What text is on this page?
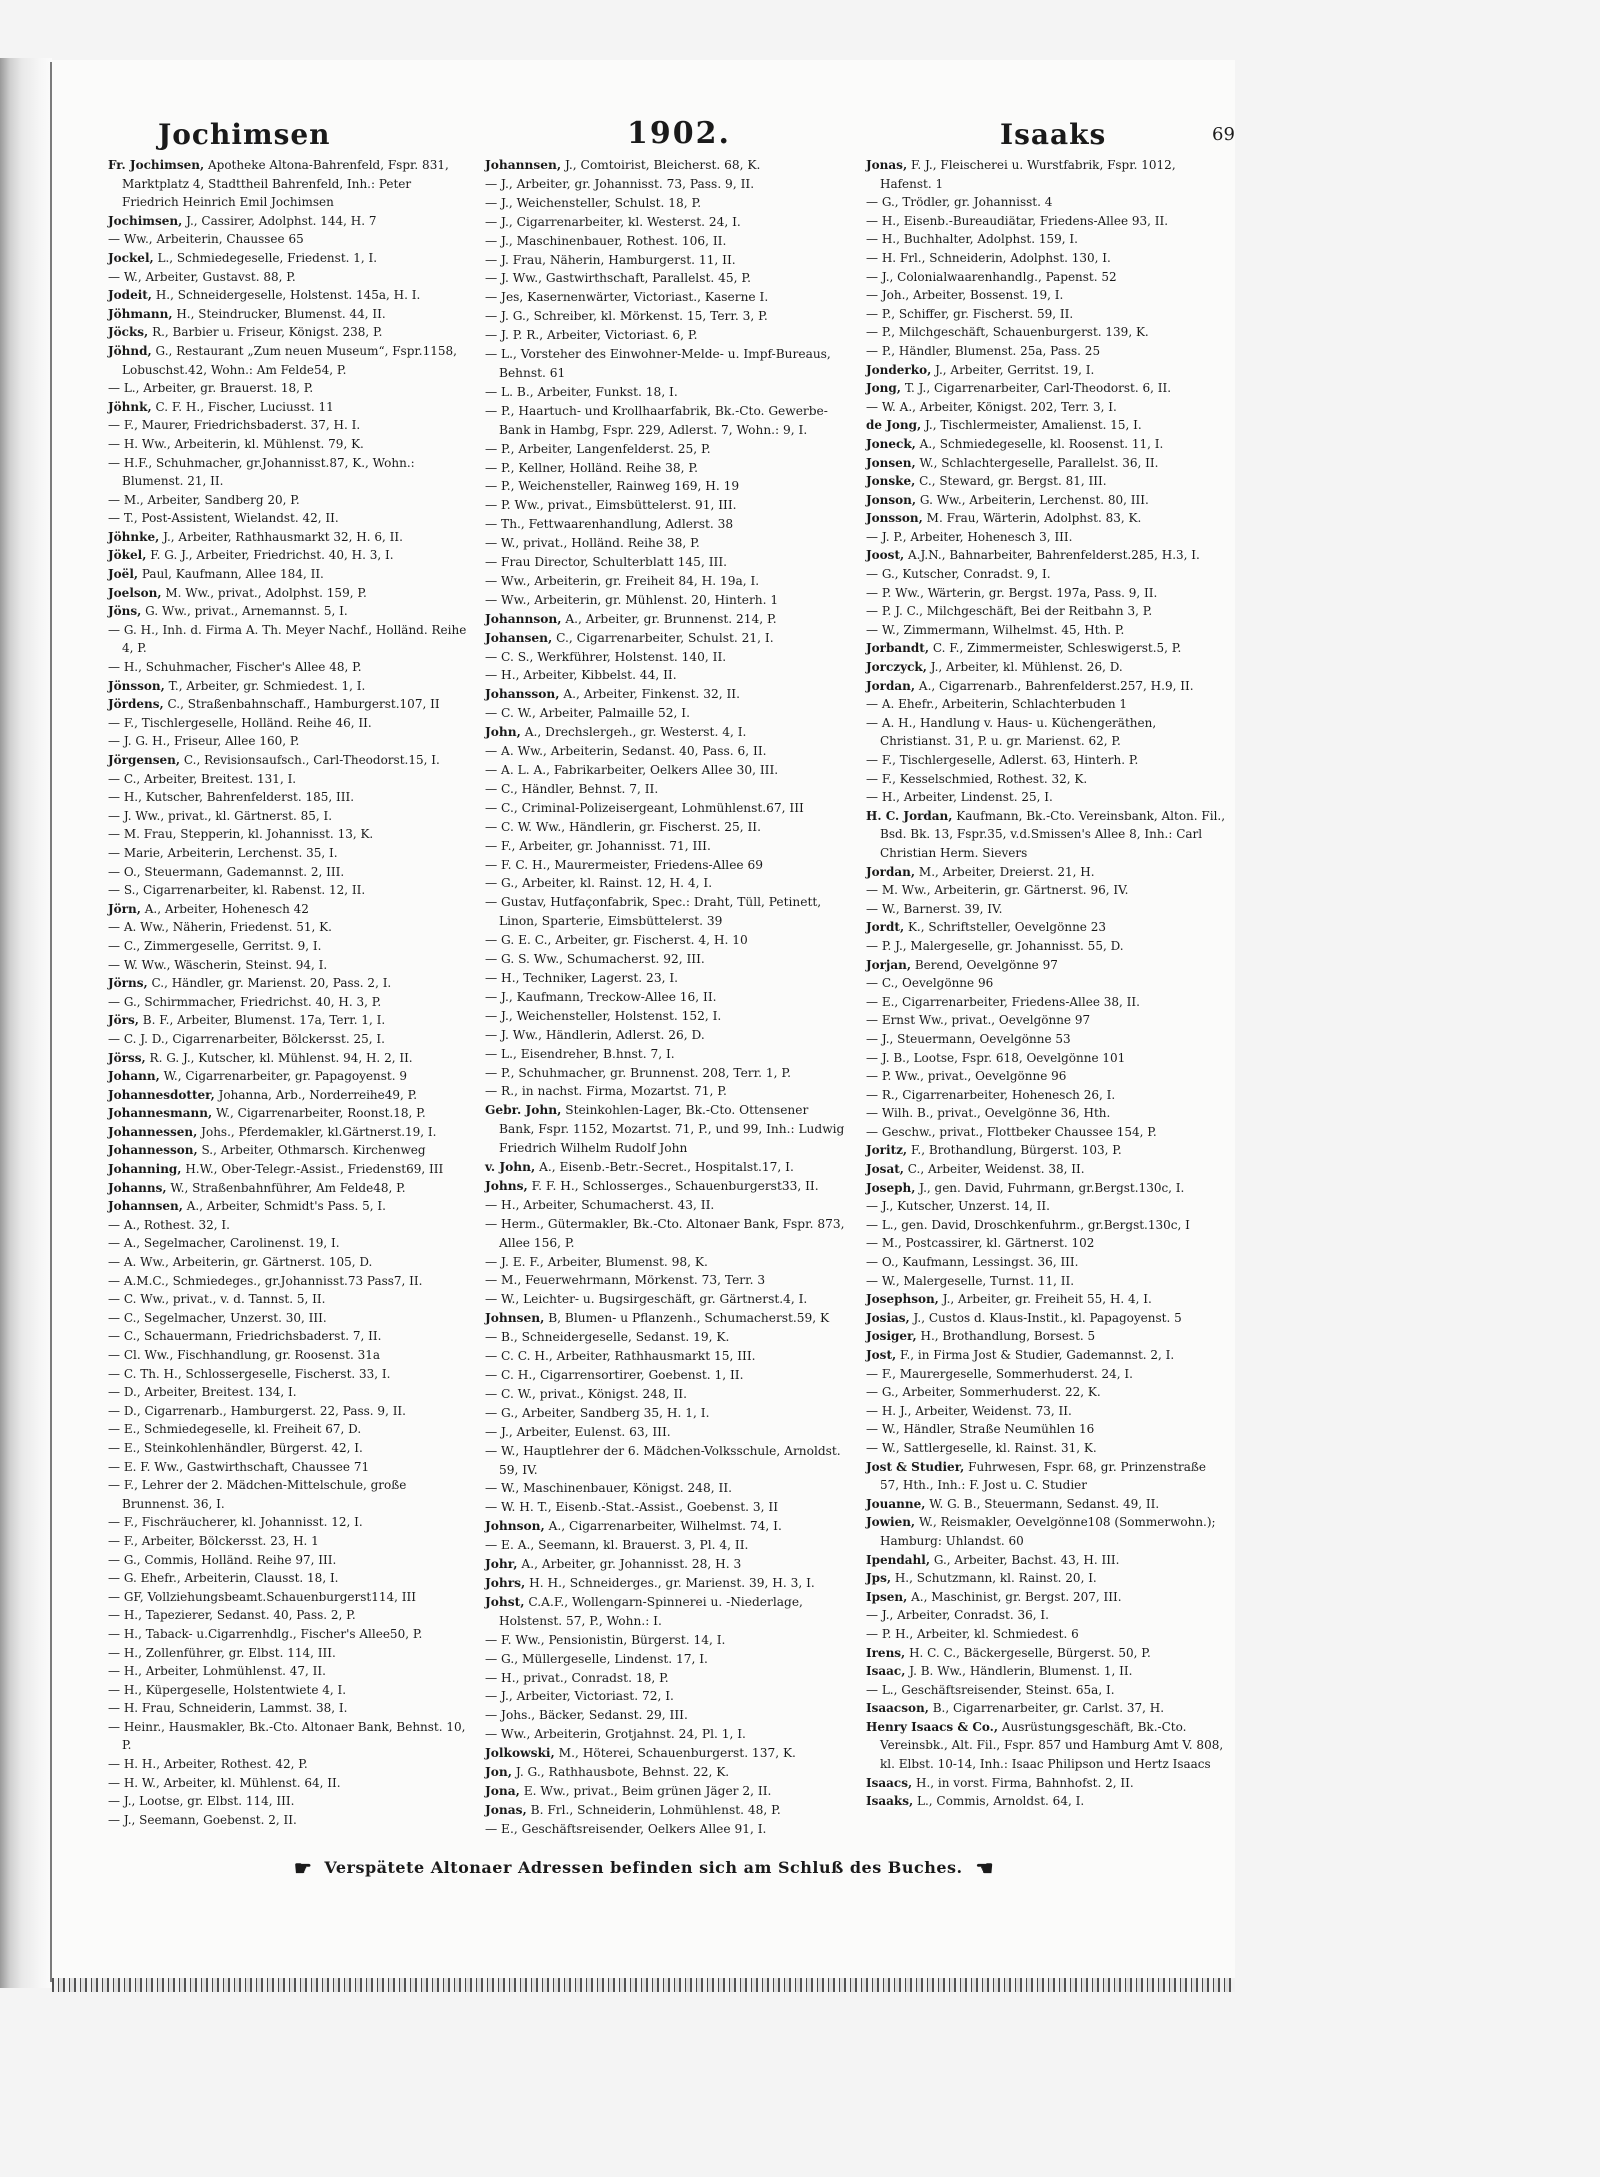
Jochimsen	1902.	Isaaks	69

Fr. Jochimsen, Apotheke Altona-Bahrenfeld, Fspr. 831, Marktplatz 4, Stadttheil Bahrenfeld, Inh.: Peter Friedrich Heinrich Emil Jochimsen

Jochimsen, J., Cassirer, Adolphst. 144, H. 7

— Ww., Arbeiterin, Chaussee 65

Jockel, L., Schmiedegeselle, Friedenst. 1, I.

— W., Arbeiter, Gustavst. 88, P.

Jodeit, H., Schneidergeselle, Holstenst. 145a, H. I.

Jöhmann, H., Steindrucker, Blumenst. 44, II.

Jöcks, R., Barbier u. Friseur, Königst. 238, P.

Jöhnd, G., Restaurant „Zum neuen Museum“, Fspr.1158, Lobuschst.42, Wohn.: Am Felde54, P.

— L., Arbeiter, gr. Brauerst. 18, P.

Jöhnk, C. F. H., Fischer, Luciusst. 11

— F., Maurer, Friedrichsbaderst. 37, H. I.

— H. Ww., Arbeiterin, kl. Mühlenst. 79, K.

— H.F., Schuhmacher, gr.Johannisst.87, K., Wohn.: Blumenst. 21, II.

— M., Arbeiter, Sandberg 20, P.

— T., Post-Assistent, Wielandst. 42, II.

Jöhnke, J., Arbeiter, Rathhausmarkt 32, H. 6, II.

Jökel, F. G. J., Arbeiter, Friedrichst. 40, H. 3, I.

Joël, Paul, Kaufmann, Allee 184, II.

Joelson, M. Ww., privat., Adolphst. 159, P.

Jöns, G. Ww., privat., Arnemannst. 5, I.

— G. H., Inh. d. Firma A. Th. Meyer Nachf., Holländ. Reihe 4, P.

— H., Schuhmacher, Fischer's Allee 48, P.

Jönsson, T., Arbeiter, gr. Schmiedest. 1, I.

Jördens, C., Straßenbahnschaff., Hamburgerst.107, II

— F., Tischlergeselle, Holländ. Reihe 46, II.

— J. G. H., Friseur, Allee 160, P.

Jörgensen, C., Revisionsaufsch., Carl-Theodorst.15, I.

— C., Arbeiter, Breitest. 131, I.

— H., Kutscher, Bahrenfelderst. 185, III.

— J. Ww., privat., kl. Gärtnerst. 85, I.

— M. Frau, Stepperin, kl. Johannisst. 13, K.

— Marie, Arbeiterin, Lerchenst. 35, I.

— O., Steuermann, Gademannst. 2, III.

— S., Cigarrenarbeiter, kl. Rabenst. 12, II.

Jörn, A., Arbeiter, Hohenesch 42

— A. Ww., Näherin, Friedenst. 51, K.

— C., Zimmergeselle, Gerritst. 9, I.

— W. Ww., Wäscherin, Steinst. 94, I.

Jörns, C., Händler, gr. Marienst. 20, Pass. 2, I.

— G., Schirmmacher, Friedrichst. 40, H. 3, P.

Jörs, B. F., Arbeiter, Blumenst. 17a, Terr. 1, I.

— C. J. D., Cigarrenarbeiter, Bölckersst. 25, I.

Jörss, R. G. J., Kutscher, kl. Mühlenst. 94, H. 2, II.

Johann, W., Cigarrenarbeiter, gr. Papagoyenst. 9

Johannesdotter, Johanna, Arb., Norderreihe49, P.

Johannesmann, W., Cigarrenarbeiter, Roonst.18, P.

Johannessen, Johs., Pferdemakler, kl.Gärtnerst.19, I.

Johannesson, S., Arbeiter, Othmarsch. Kirchenweg

Johanning, H.W., Ober-Telegr.-Assist., Friedenst69, III

Johanns, W., Straßenbahnführer, Am Felde48, P.

Johannsen, A., Arbeiter, Schmidt's Pass. 5, I.

— A., Rothest. 32, I.

— A., Segelmacher, Carolinenst. 19, I.

— A. Ww., Arbeiterin, gr. Gärtnerst. 105, D.

— A.M.C., Schmiedeges., gr.Johannisst.73 Pass7, II.

— C. Ww., privat., v. d. Tannst. 5, II.

— C., Segelmacher, Unzerst. 30, III.

— C., Schauermann, Friedrichsbaderst. 7, II.

— Cl. Ww., Fischhandlung, gr. Roosenst. 31a

— C. Th. H., Schlossergeselle, Fischerst. 33, I.

— D., Arbeiter, Breitest. 134, I.

— D., Cigarrenarb., Hamburgerst. 22, Pass. 9, II.

— E., Schmiedegeselle, kl. Freiheit 67, D.

— E., Steinkohlenhändler, Bürgerst. 42, I.

— E. F. Ww., Gastwirthschaft, Chaussee 71

— F., Lehrer der 2. Mädchen-Mittelschule, große Brunnenst. 36, I.

— F., Fischräucherer, kl. Johannisst. 12, I.

— F., Arbeiter, Bölckersst. 23, H. 1

— G., Commis, Holländ. Reihe 97, III.

— G. Ehefr., Arbeiterin, Clausst. 18, I.

— GF, Vollziehungsbeamt.Schauenburgerst114, III

— H., Tapezierer, Sedanst. 40, Pass. 2, P.

— H., Taback- u.Cigarrenhdlg., Fischer's Allee50, P.

— H., Zollenführer, gr. Elbst. 114, III.

— H., Arbeiter, Lohmühlenst. 47, II.

— H., Küpergeselle, Holstentwiete 4, I.

— H. Frau, Schneiderin, Lammst. 38, I.

— Heinr., Hausmakler, Bk.-Cto. Altonaer Bank, Behnst. 10, P.

— H. H., Arbeiter, Rothest. 42, P.

— H. W., Arbeiter, kl. Mühlenst. 64, II.

— J., Lootse, gr. Elbst. 114, III.

— J., Seemann, Goebenst. 2, II.

Johannsen, J., Comtoirist, Bleicherst. 68, K.

— J., Arbeiter, gr. Johannisst. 73, Pass. 9, II.

— J., Weichensteller, Schulst. 18, P.

— J., Cigarrenarbeiter, kl. Westerst. 24, I.

— J., Maschinenbauer, Rothest. 106, II.

— J. Frau, Näherin, Hamburgerst. 11, II.

— J. Ww., Gastwirthschaft, Parallelst. 45, P.

— Jes, Kasernenwärter, Victoriast., Kaserne I.

— J. G., Schreiber, kl. Mörkenst. 15, Terr. 3, P.

— J. P. R., Arbeiter, Victoriast. 6, P.

— L., Vorsteher des Einwohner-Melde- u. Impf-Bureaus, Behnst. 61

— L. B., Arbeiter, Funkst. 18, I.

— P., Haartuch- und Krollhaarfabrik, Bk.-Cto. Gewerbe-Bank in Hambg, Fspr. 229, Adlerst. 7, Wohn.: 9, I.

— P., Arbeiter, Langenfelderst. 25, P.

— P., Kellner, Holländ. Reihe 38, P.

— P., Weichensteller, Rainweg 169, H. 19

— P. Ww., privat., Eimsbüttelerst. 91, III.

— Th., Fettwaarenhandlung, Adlerst. 38

— W., privat., Holländ. Reihe 38, P.

— Frau Director, Schulterblatt 145, III.

— Ww., Arbeiterin, gr. Freiheit 84, H. 19a, I.

— Ww., Arbeiterin, gr. Mühlenst. 20, Hinterh. 1

Johannson, A., Arbeiter, gr. Brunnenst. 214, P.

Johansen, C., Cigarrenarbeiter, Schulst. 21, I.

— C. S., Werkführer, Holstenst. 140, II.

— H., Arbeiter, Kibbelst. 44, II.

Johansson, A., Arbeiter, Finkenst. 32, II.

— C. W., Arbeiter, Palmaille 52, I.

John, A., Drechslergeh., gr. Westerst. 4, I.

— A. Ww., Arbeiterin, Sedanst. 40, Pass. 6, II.

— A. L. A., Fabrikarbeiter, Oelkers Allee 30, III.

— C., Händler, Behnst. 7, II.

— C., Criminal-Polizeisergeant, Lohmühlenst.67, III

— C. W. Ww., Händlerin, gr. Fischerst. 25, II.

— F., Arbeiter, gr. Johannisst. 71, III.

— F. C. H., Maurermeister, Friedens-Allee 69

— G., Arbeiter, kl. Rainst. 12, H. 4, I.

— Gustav, Hutfaçonfabrik, Spec.: Draht, Tüll, Petinett, Linon, Sparterie, Eimsbüttelerst. 39

— G. E. C., Arbeiter, gr. Fischerst. 4, H. 10

— G. S. Ww., Schumacherst. 92, III.

— H., Techniker, Lagerst. 23, I.

— J., Kaufmann, Treckow-Allee 16, II.

— J., Weichensteller, Holstenst. 152, I.

— J. Ww., Händlerin, Adlerst. 26, D.

— L., Eisendreher, B.hnst. 7, I.

— P., Schuhmacher, gr. Brunnenst. 208, Terr. 1, P.

— R., in nachst. Firma, Mozartst. 71, P.

Gebr. John, Steinkohlen-Lager, Bk.-Cto. Ottensener Bank, Fspr. 1152, Mozartst. 71, P., und 99, Inh.: Ludwig Friedrich Wilhelm Rudolf John

v. John, A., Eisenb.-Betr.-Secret., Hospitalst.17, I.

Johns, F. F. H., Schlosserges., Schauenburgerst33, II.

— H., Arbeiter, Schumacherst. 43, II.

— Herm., Gütermakler, Bk.-Cto. Altonaer Bank, Fspr. 873, Allee 156, P.

— J. E. F., Arbeiter, Blumenst. 98, K.

— M., Feuerwehrmann, Mörkenst. 73, Terr. 3

— W., Leichter- u. Bugsirgeschäft, gr. Gärtnerst.4, I.

Johnsen, B, Blumen- u Pflanzenh., Schumacherst.59, K

— B., Schneidergeselle, Sedanst. 19, K.

— C. C. H., Arbeiter, Rathhausmarkt 15, III.

— C. H., Cigarrensortirer, Goebenst. 1, II.

— C. W., privat., Königst. 248, II.

— G., Arbeiter, Sandberg 35, H. 1, I.

— J., Arbeiter, Eulenst. 63, III.

— W., Hauptlehrer der 6. Mädchen-Volksschule, Arnoldst. 59, IV.

— W., Maschinenbauer, Königst. 248, II.

— W. H. T., Eisenb.-Stat.-Assist., Goebenst. 3, II

Johnson, A., Cigarrenarbeiter, Wilhelmst. 74, I.

— E. A., Seemann, kl. Brauerst. 3, Pl. 4, II.

Johr, A., Arbeiter, gr. Johannisst. 28, H. 3

Johrs, H. H., Schneiderges., gr. Marienst. 39, H. 3, I.

Johst, C.A.F., Wollengarn-Spinnerei u. -Niederlage, Holstenst. 57, P., Wohn.: I.

— F. Ww., Pensionistin, Bürgerst. 14, I.

— G., Müllergeselle, Lindenst. 17, I.

— H., privat., Conradst. 18, P.

— J., Arbeiter, Victoriast. 72, I.

— Johs., Bäcker, Sedanst. 29, III.

— Ww., Arbeiterin, Grotjahnst. 24, Pl. 1, I.

Jolkowski, M., Höterei, Schauenburgerst. 137, K.

Jon, J. G., Rathhausbote, Behnst. 22, K.

Jona, E. Ww., privat., Beim grünen Jäger 2, II.

Jonas, B. Frl., Schneiderin, Lohmühlenst. 48, P.

— E., Geschäftsreisender, Oelkers Allee 91, I.

Jonas, F. J., Fleischerei u. Wurstfabrik, Fspr. 1012, Hafenst. 1

— G., Trödler, gr. Johannisst. 4

— H., Eisenb.-Bureaudiätar, Friedens-Allee 93, II.

— H., Buchhalter, Adolphst. 159, I.

— H. Frl., Schneiderin, Adolphst. 130, I.

— J., Colonialwaarenhandlg., Papenst. 52

— Joh., Arbeiter, Bossenst. 19, I.

— P., Schiffer, gr. Fischerst. 59, II.

— P., Milchgeschäft, Schauenburgerst. 139, K.

— P., Händler, Blumenst. 25a, Pass. 25

Jonderko, J., Arbeiter, Gerritst. 19, I.

Jong, T. J., Cigarrenarbeiter, Carl-Theodorst. 6, II.

— W. A., Arbeiter, Königst. 202, Terr. 3, I.

de Jong, J., Tischlermeister, Amalienst. 15, I.

Joneck, A., Schmiedegeselle, kl. Roosenst. 11, I.

Jonsen, W., Schlachtergeselle, Parallelst. 36, II.

Jonske, C., Steward, gr. Bergst. 81, III.

Jonson, G. Ww., Arbeiterin, Lerchenst. 80, III.

Jonsson, M. Frau, Wärterin, Adolphst. 83, K.

— J. P., Arbeiter, Hohenesch 3, III.

Joost, A.J.N., Bahnarbeiter, Bahrenfelderst.285, H.3, I.

— G., Kutscher, Conradst. 9, I.

— P. Ww., Wärterin, gr. Bergst. 197a, Pass. 9, II.

— P. J. C., Milchgeschäft, Bei der Reitbahn 3, P.

— W., Zimmermann, Wilhelmst. 45, Hth. P.

Jorbandt, C. F., Zimmermeister, Schleswigerst.5, P.

Jorczyck, J., Arbeiter, kl. Mühlenst. 26, D.

Jordan, A., Cigarrenarb., Bahrenfelderst.257, H.9, II.

— A. Ehefr., Arbeiterin, Schlachterbuden 1

— A. H., Handlung v. Haus- u. Küchengeräthen, Christianst. 31, P. u. gr. Marienst. 62, P.

— F., Tischlergeselle, Adlerst. 63, Hinterh. P.

— F., Kesselschmied, Rothest. 32, K.

— H., Arbeiter, Lindenst. 25, I.

H. C. Jordan, Kaufmann, Bk.-Cto. Vereinsbank, Alton. Fil., Bsd. Bk. 13, Fspr.35, v.d.Smissen's Allee 8, Inh.: Carl Christian Herm. Sievers

Jordan, M., Arbeiter, Dreierst. 21, H.

— M. Ww., Arbeiterin, gr. Gärtnerst. 96, IV.

— W., Barnerst. 39, IV.

Jordt, K., Schriftsteller, Oevelgönne 23

— P. J., Malergeselle, gr. Johannisst. 55, D.

Jorjan, Berend, Oevelgönne 97

— C., Oevelgönne 96

— E., Cigarrenarbeiter, Friedens-Allee 38, II.

— Ernst Ww., privat., Oevelgönne 97

— J., Steuermann, Oevelgönne 53

— J. B., Lootse, Fspr. 618, Oevelgönne 101

— P. Ww., privat., Oevelgönne 96

— R., Cigarrenarbeiter, Hohenesch 26, I.

— Wilh. B., privat., Oevelgönne 36, Hth.

— Geschw., privat., Flottbeker Chaussee 154, P.

Joritz, F., Brothandlung, Bürgerst. 103, P.

Josat, C., Arbeiter, Weidenst. 38, II.

Joseph, J., gen. David, Fuhrmann, gr.Bergst.130c, I.

— J., Kutscher, Unzerst. 14, II.

— L., gen. David, Droschkenfuhrm., gr.Bergst.130c, I

— M., Postcassirer, kl. Gärtnerst. 102

— O., Kaufmann, Lessingst. 36, III.

— W., Malergeselle, Turnst. 11, II.

Josephson, J., Arbeiter, gr. Freiheit 55, H. 4, I.

Josias, J., Custos d. Klaus-Instit., kl. Papagoyenst. 5

Josiger, H., Brothandlung, Borsest. 5

Jost, F., in Firma Jost & Studier, Gademannst. 2, I.

— F., Maurergeselle, Sommerhuderst. 24, I.

— G., Arbeiter, Sommerhuderst. 22, K.

— H. J., Arbeiter, Weidenst. 73, II.

— W., Händler, Straße Neumühlen 16

— W., Sattlergeselle, kl. Rainst. 31, K.

Jost & Studier, Fuhrwesen, Fspr. 68, gr. Prinzenstraße 57, Hth., Inh.: F. Jost u. C. Studier

Jouanne, W. G. B., Steuermann, Sedanst. 49, II.

Jowien, W., Reismakler, Oevelgönne108 (Sommerwohn.); Hamburg: Uhlandst. 60

Ipendahl, G., Arbeiter, Bachst. 43, H. III.

Jps, H., Schutzmann, kl. Rainst. 20, I.

Ipsen, A., Maschinist, gr. Bergst. 207, III.

— J., Arbeiter, Conradst. 36, I.

— P. H., Arbeiter, kl. Schmiedest. 6

Irens, H. C. C., Bäckergeselle, Bürgerst. 50, P.

Isaac, J. B. Ww., Händlerin, Blumenst. 1, II.

— L., Geschäftsreisender, Steinst. 65a, I.

Isaacson, B., Cigarrenarbeiter, gr. Carlst. 37, H.

Henry Isaacs & Co., Ausrüstungsgeschäft, Bk.-Cto. Vereinsbk., Alt. Fil., Fspr. 857 und Hamburg Amt V. 808, kl. Elbst. 10-14, Inh.: Isaac Philipson und Hertz Isaacs

Isaacs, H., in vorst. Firma, Bahnhofst. 2, II.

Isaaks, L., Commis, Arnoldst. 64, I.

☛ Verspätete Altonaer Adressen befinden sich am Schluß des Buches. ☛
